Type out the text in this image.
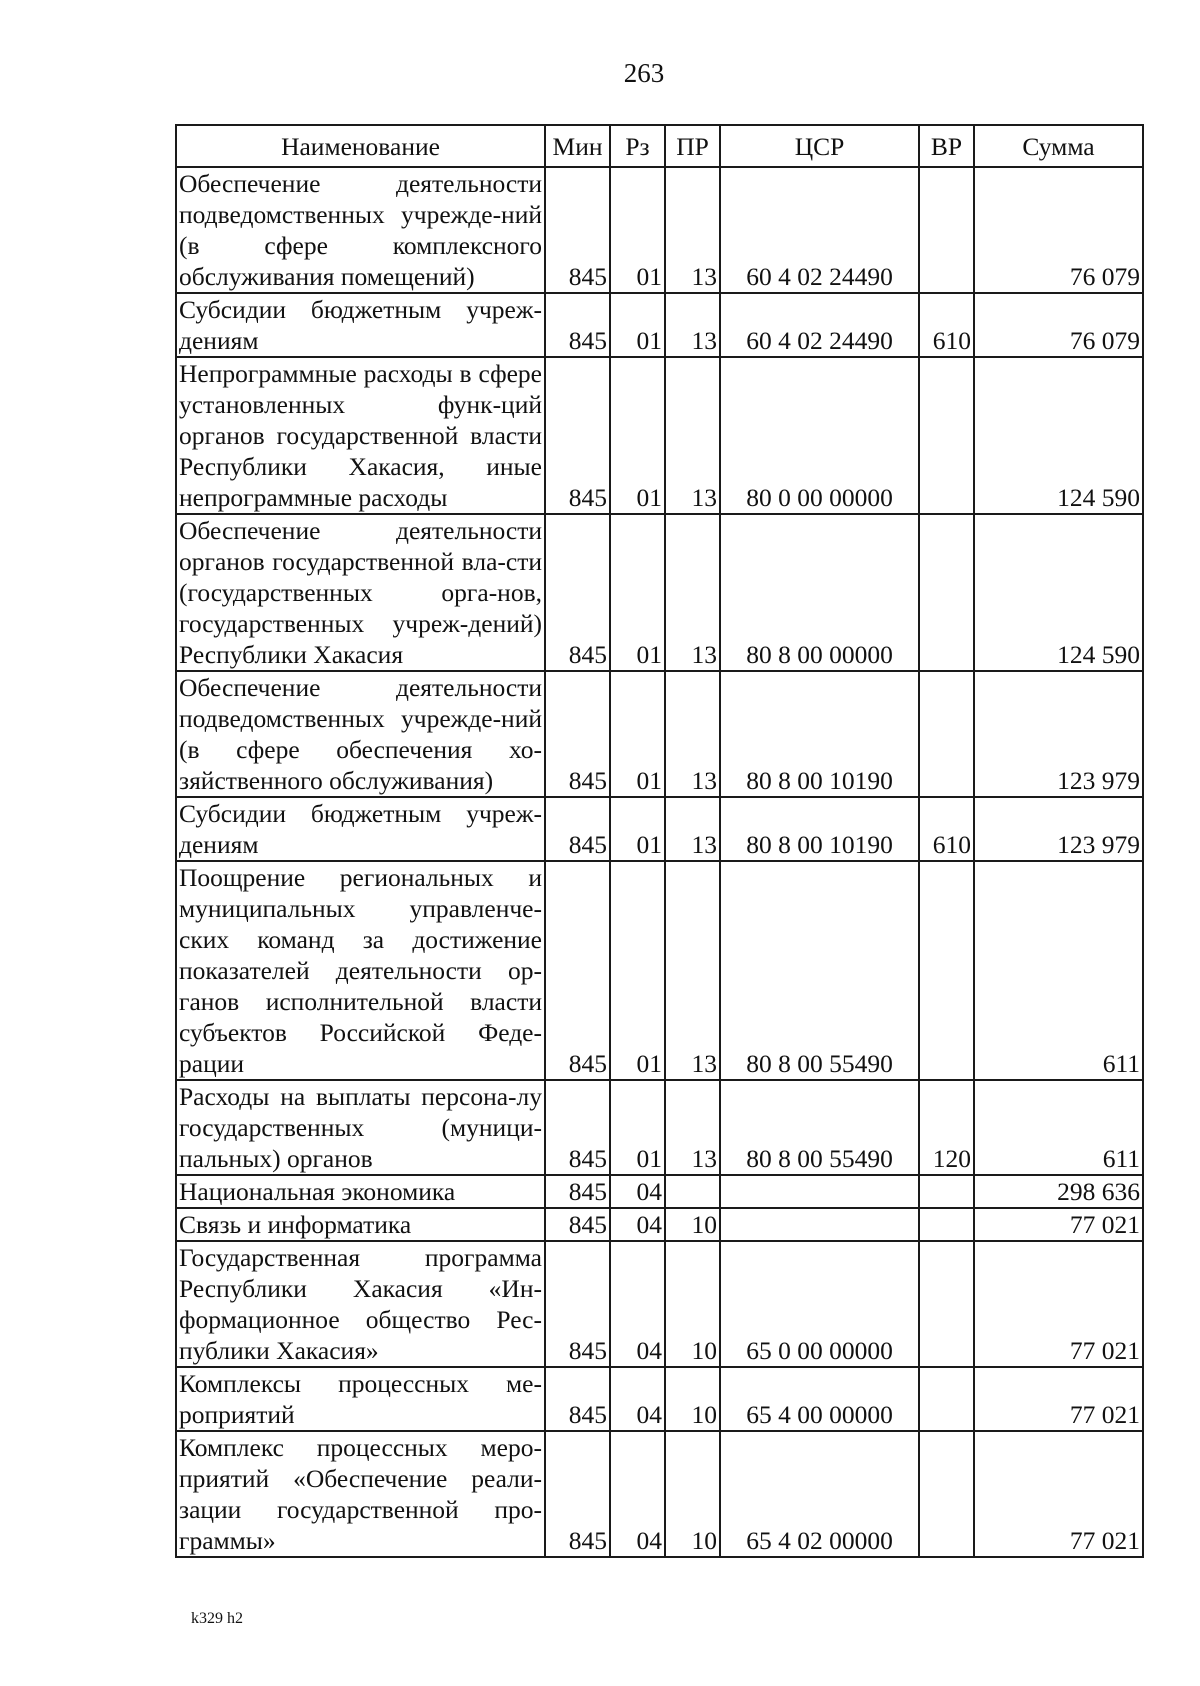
263
Наименование	Мин	Рз	ПР	ЦСР	ВР	Сумма
Обеспечение деятельности подведомственных учрежде-ний (в сфере комплексного обслуживания помещений)	845	01	13	60 4 02 24490		76 079
Субсидии бюджетным учреж-дениям	845	01	13	60 4 02 24490	610	76 079
Непрограммные расходы в сфере установленных функ-ций органов государственной власти Республики Хакасия, иные непрограммные расходы	845	01	13	80 0 00 00000		124 590
Обеспечение деятельности органов государственной вла-сти (государственных орга-нов, государственных учреж-дений) Республики Хакасия	845	01	13	80 8 00 00000		124 590
Обеспечение деятельности подведомственных учрежде-ний (в сфере обеспечения хо-зяйственного обслуживания)	845	01	13	80 8 00 10190		123 979
Субсидии бюджетным учреж-дениям	845	01	13	80 8 00 10190	610	123 979
Поощрение региональных и муниципальных управленче-ских команд за достижение показателей деятельности ор-ганов исполнительной власти субъектов Российской Феде-рации	845	01	13	80 8 00 55490		611
Расходы на выплаты персона-лу государственных (муници-пальных) органов	845	01	13	80 8 00 55490	120	611
Национальная экономика	845	04				298 636
Связь и информатика	845	04	10			77 021
Государственная программа Республики Хакасия «Ин-формационное общество Рес-публики Хакасия»	845	04	10	65 0 00 00000		77 021
Комплексы процессных ме-роприятий	845	04	10	65 4 00 00000		77 021
Комплекс процессных меро-приятий «Обеспечение реали-зации государственной про-граммы»	845	04	10	65 4 02 00000		77 021
k329 h2
